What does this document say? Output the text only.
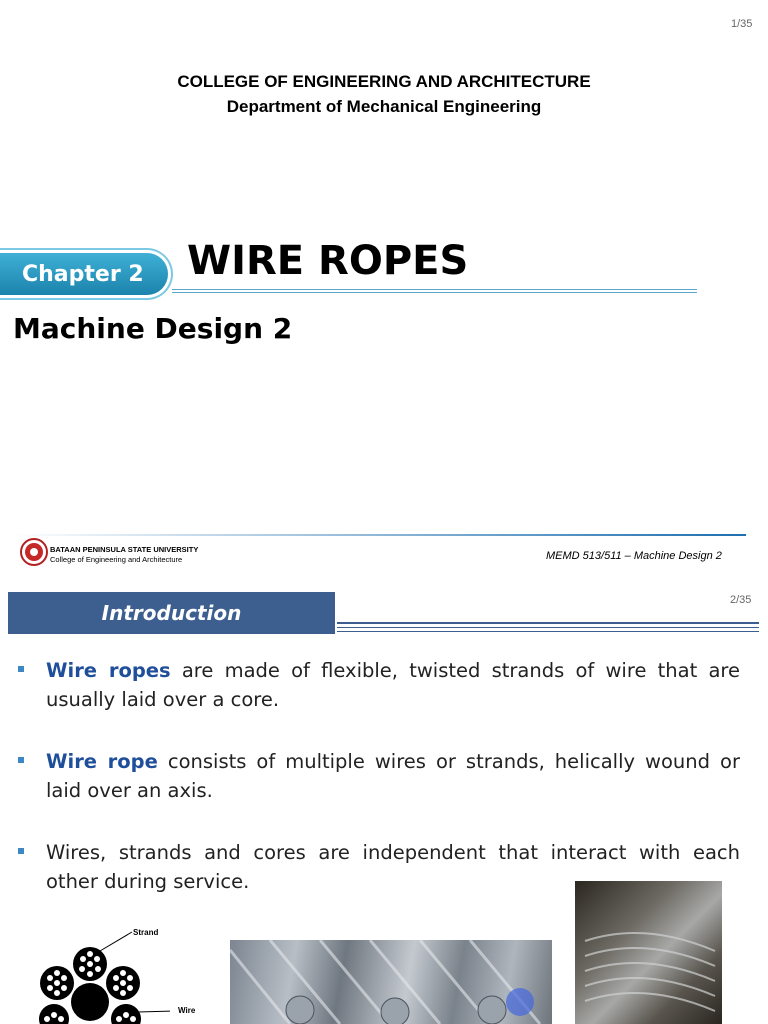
1/35
COLLEGE OF ENGINEERING AND ARCHITECTURE
Department of Mechanical Engineering
Chapter 2	WIRE ROPES
Machine Design 2
BATAAN PENINSULA STATE UNIVERSITY
College of Engineering and Architecture	MEMD 513/511 – Machine Design 2
Introduction
2/35
Wire ropes are made of flexible, twisted strands of wire that are usually laid over a core.
Wire rope consists of multiple wires or strands, helically wound or laid over an axis.
Wires, strands and cores are independent that interact with each other during service.
Strand
Wire
